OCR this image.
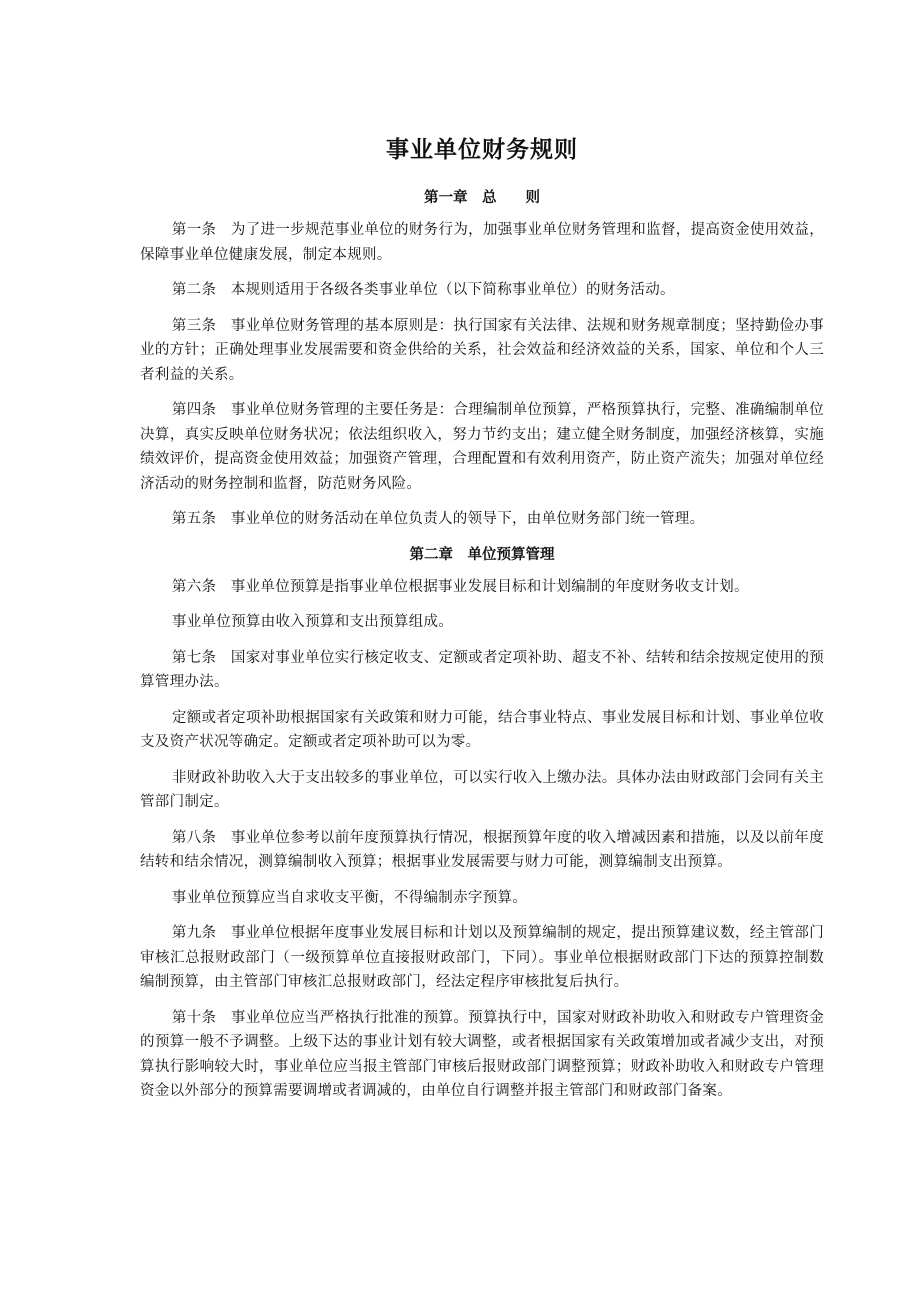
事业单位财务规则
第一章　总　　则

第一条 为了进一步规范事业单位的财务行为，加强事业单位财务管理和监督，提高资金使用效益，保障事业单位健康发展，制定本规则。

第二条 本规则适用于各级各类事业单位（以下简称事业单位）的财务活动。

第三条 事业单位财务管理的基本原则是：执行国家有关法律、法规和财务规章制度；坚持勤俭办事业的方针；正确处理事业发展需要和资金供给的关系，社会效益和经济效益的关系，国家、单位和个人三者利益的关系。

第四条 事业单位财务管理的主要任务是：合理编制单位预算，严格预算执行，完整、准确编制单位决算，真实反映单位财务状况；依法组织收入，努力节约支出；建立健全财务制度，加强经济核算，实施绩效评价，提高资金使用效益；加强资产管理，合理配置和有效利用资产，防止资产流失；加强对单位经济活动的财务控制和监督，防范财务风险。

第五条 事业单位的财务活动在单位负责人的领导下，由单位财务部门统一管理。

第二章　单位预算管理

第六条 事业单位预算是指事业单位根据事业发展目标和计划编制的年度财务收支计划。

事业单位预算由收入预算和支出预算组成。

第七条 国家对事业单位实行核定收支、定额或者定项补助、超支不补、结转和结余按规定使用的预算管理办法。

定额或者定项补助根据国家有关政策和财力可能，结合事业特点、事业发展目标和计划、事业单位收支及资产状况等确定。定额或者定项补助可以为零。

非财政补助收入大于支出较多的事业单位，可以实行收入上缴办法。具体办法由财政部门会同有关主管部门制定。

第八条 事业单位参考以前年度预算执行情况，根据预算年度的收入增减因素和措施，以及以前年度结转和结余情况，测算编制收入预算；根据事业发展需要与财力可能，测算编制支出预算。

事业单位预算应当自求收支平衡，不得编制赤字预算。

第九条 事业单位根据年度事业发展目标和计划以及预算编制的规定，提出预算建议数，经主管部门审核汇总报财政部门（一级预算单位直接报财政部门，下同）。事业单位根据财政部门下达的预算控制数编制预算，由主管部门审核汇总报财政部门，经法定程序审核批复后执行。

第十条 事业单位应当严格执行批准的预算。预算执行中，国家对财政补助收入和财政专户管理资金的预算一般不予调整。上级下达的事业计划有较大调整，或者根据国家有关政策增加或者减少支出，对预算执行影响较大时，事业单位应当报主管部门审核后报财政部门调整预算；财政补助收入和财政专户管理资金以外部分的预算需要调增或者调减的，由单位自行调整并报主管部门和财政部门备案。
